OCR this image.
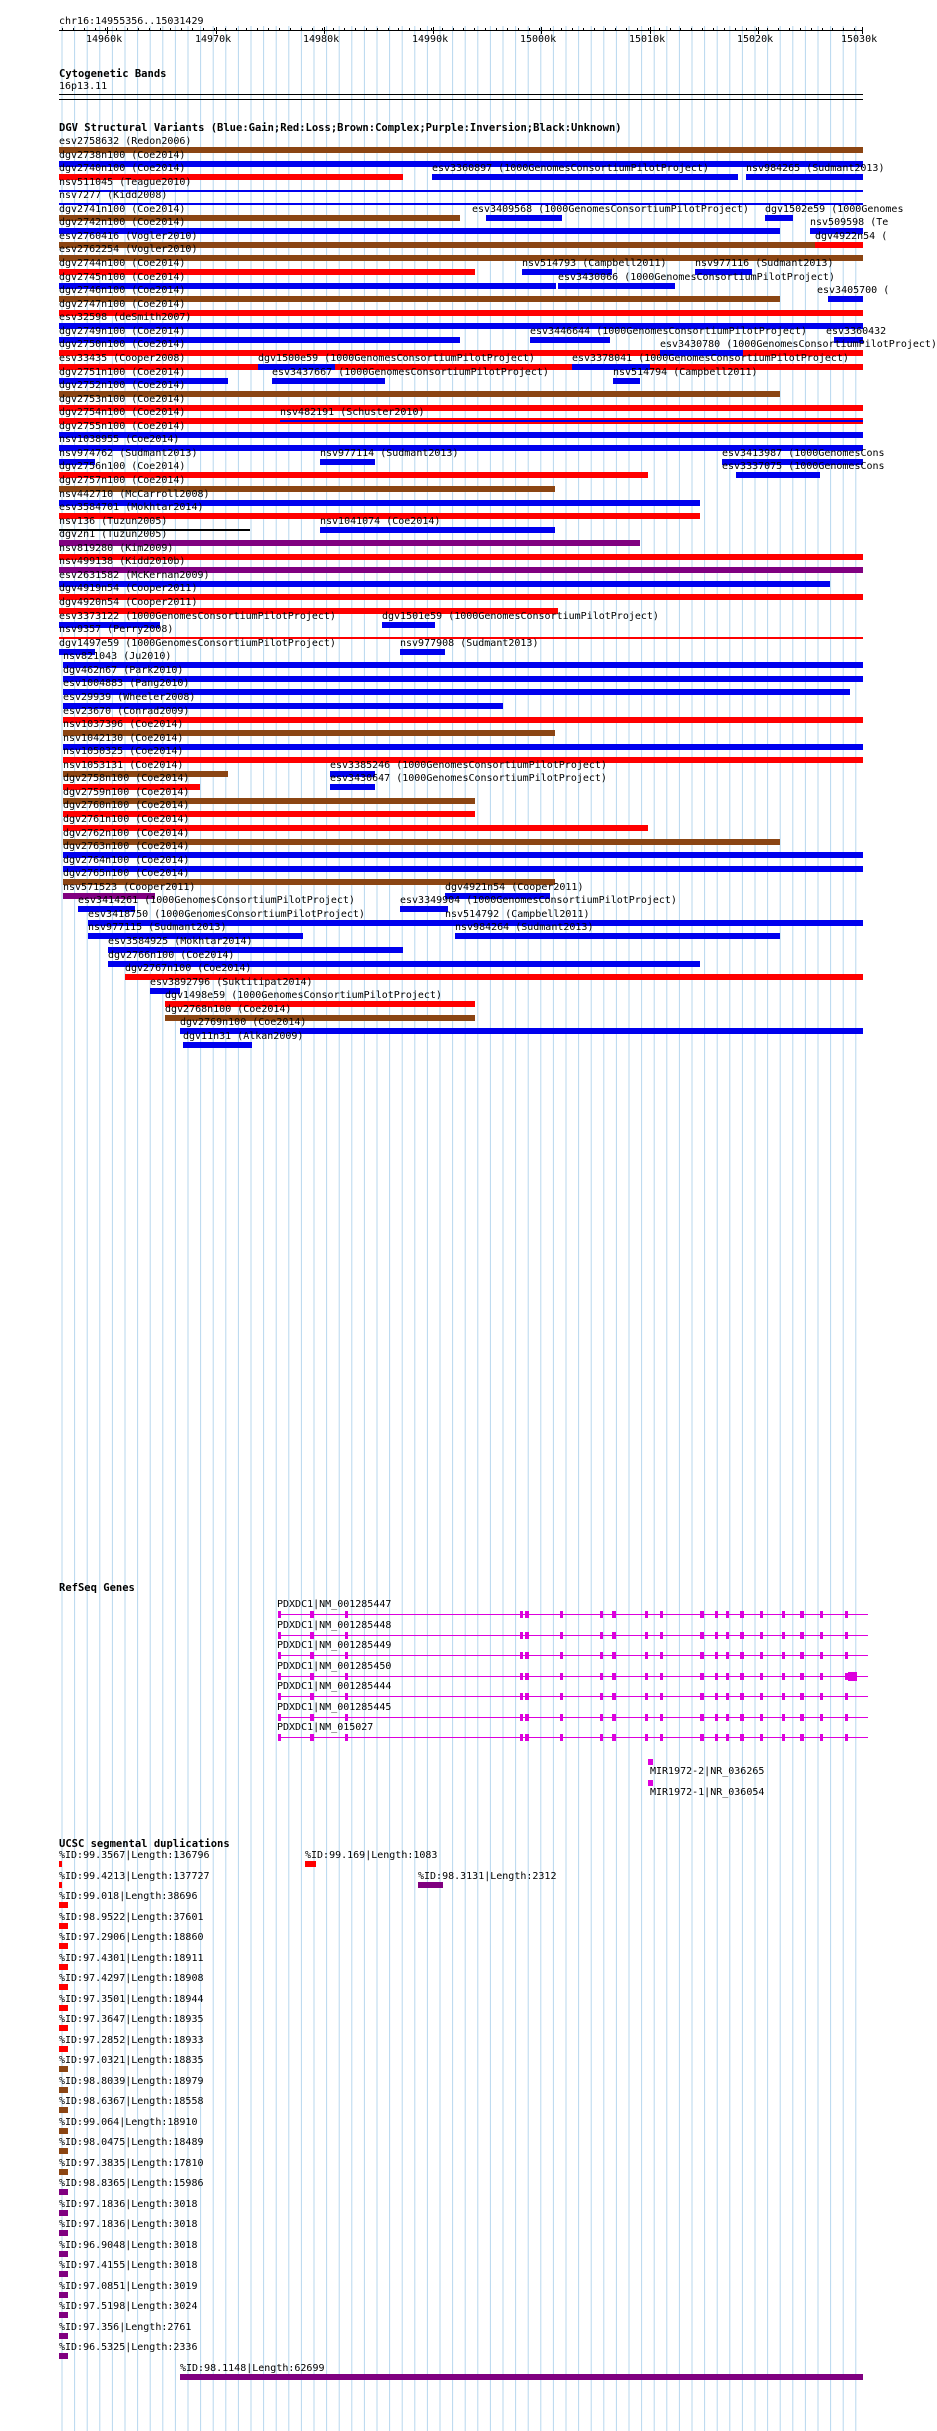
chr16:14955356..15031429
14960k	14970k	14980k	14990k	15000k	15010k	15020k	15030k
Cytogenetic Bands
16p13.11
DGV Structural Variants (Blue:Gain;Red:Loss;Brown:Complex;Purple:Inversion;Black:Unknown)
esv2758632 (Redon2006)
dgv2738n100 (Coe2014)
dgv2740n100 (Coe2014)	esv3360897 (1000GenomesConsortiumPilotProject)	nsv984265 (Sudmant2013)
nsv511045 (Teague2010)
nsv7277 (Kidd2008)
dgv2741n100 (Coe2014)	esv3409568 (1000GenomesConsortiumPilotProject) dgv1502e59 (1000Genomes
dgv2742n100 (Coe2014)	nsv509598 (Te
esv2760416 (Vogler2010)	dgv4922n54 (
esv2762254 (Vogler2010)
dgv2744n100 (Coe2014)	nsv514793 (Campbell2011)	nsv977116 (Sudmant2013)
dgv2745n100 (Coe2014)	esv3430066 (1000GenomesConsortiumPilotProject)
dgv2746n100 (Coe2014)	esv3405700 (
dgv2747n100 (Coe2014)
esv32598 (deSmith2007)
dgv2749n100 (Coe2014)	esv3446644 (1000GenomesConsortiumPilotProject) esv3360432
dgv2750n100 (Coe2014)	esv3430780 (1000GenomesConsortiumPilotProject)
esv33435 (Cooper2008)	dgv1500e59 (1000GenomesConsortiumPilotProject)	esv3378041 (1000GenomesConsortiumPilotProject)
dgv2751n100 (Coe2014)	esv3437667 (1000GenomesConsortiumPilotProject)	nsv514794 (Campbell2011)
dgv2752n100 (Coe2014)
dgv2753n100 (Coe2014)
dgv2754n100 (Coe2014)	nsv482191 (Schuster2010)
dgv2755n100 (Coe2014)
nsv1038955 (Coe2014)
nsv974762 (Sudmant2013)	nsv977114 (Sudmant2013)	esv3413987 (1000GenomesCons
dgv2756n100 (Coe2014)	esv3337075 (1000GenomesCons
dgv2757n100 (Coe2014)
nsv442710 (McCarroll2008)
esv3584701 (Mokhtar2014)
nsv136 (Tuzun2005)	nsv1041074 (Coe2014)
dgv2n1 (Tuzun2005)
nsv819280 (Kim2009)
nsv499138 (Kidd2010b)
esv2631582 (McKernan2009)
dgv4919n54 (Cooper2011)
dgv4920n54 (Cooper2011)
esv3373122 (1000GenomesConsortiumPilotProject)	dgv1501e59 (1000GenomesConsortiumPilotProject)
nsv9357 (Perry2008)
dgv1497e59 (1000GenomesConsortiumPilotProject)	nsv977908 (Sudmant2013)
nsv821043 (Ju2010)
dgv462n67 (Park2010)
esv1004883 (Pang2010)
esv29939 (Wheeler2008)
esv23670 (Conrad2009)
nsv1037396 (Coe2014)
nsv1042130 (Coe2014)
nsv1050325 (Coe2014)
nsv1053131 (Coe2014)	esv3385246 (1000GenomesConsortiumPilotProject)
dgv2758n100 (Coe2014)	esv3430647 (1000GenomesConsortiumPilotProject)
dgv2759n100 (Coe2014)
dgv2760n100 (Coe2014)
dgv2761n100 (Coe2014)
dgv2762n100 (Coe2014)
dgv2763n100 (Coe2014)
dgv2764n100 (Coe2014)
dgv2765n100 (Coe2014)
nsv571523 (Cooper2011)	dgv4921n54 (Cooper2011)
esv3414261 (1000GenomesConsortiumPilotProject)	esv3349904 (1000GenomesConsortiumPilotProject)
esv3418750 (1000GenomesConsortiumPilotProject)	nsv514792 (Campbell2011)
nsv977115 (Sudmant2013)	nsv984264 (Sudmant2013)
esv3584925 (Mokhtar2014)
dgv2766n100 (Coe2014)
dgv2767n100 (Coe2014)
esv3892796 (Suktitipat2014)
dgv1498e59 (1000GenomesConsortiumPilotProject)
dgv2768n100 (Coe2014)
dgv2769n100 (Coe2014)
dgv11n31 (Alkan2009)
RefSeq Genes
PDXDC1|NM_001285447
PDXDC1|NM_001285448
PDXDC1|NM_001285449
PDXDC1|NM_001285450
PDXDC1|NM_001285444
PDXDC1|NM_001285445
PDXDC1|NM_015027
MIR1972-2|NR_036265
MIR1972-1|NR_036054
UCSC segmental duplications
%ID:99.3567|Length:136796	%ID:99.169|Length:1083
%ID:99.4213|Length:137727	%ID:98.3131|Length:2312
%ID:99.018|Length:38696
%ID:98.9522|Length:37601
%ID:97.2906|Length:18860
%ID:97.4301|Length:18911
%ID:97.4297|Length:18908
%ID:97.3501|Length:18944
%ID:97.3647|Length:18935
%ID:97.2852|Length:18933
%ID:97.0321|Length:18835
%ID:98.8039|Length:18979
%ID:98.6367|Length:18558
%ID:99.064|Length:18910
%ID:98.0475|Length:18489
%ID:97.3835|Length:17810
%ID:98.8365|Length:15986
%ID:97.1836|Length:3018
%ID:97.1836|Length:3018
%ID:96.9048|Length:3018
%ID:97.4155|Length:3018
%ID:97.0851|Length:3019
%ID:97.5198|Length:3024
%ID:97.356|Length:2761
%ID:96.5325|Length:2336
%ID:98.1148|Length:62699
